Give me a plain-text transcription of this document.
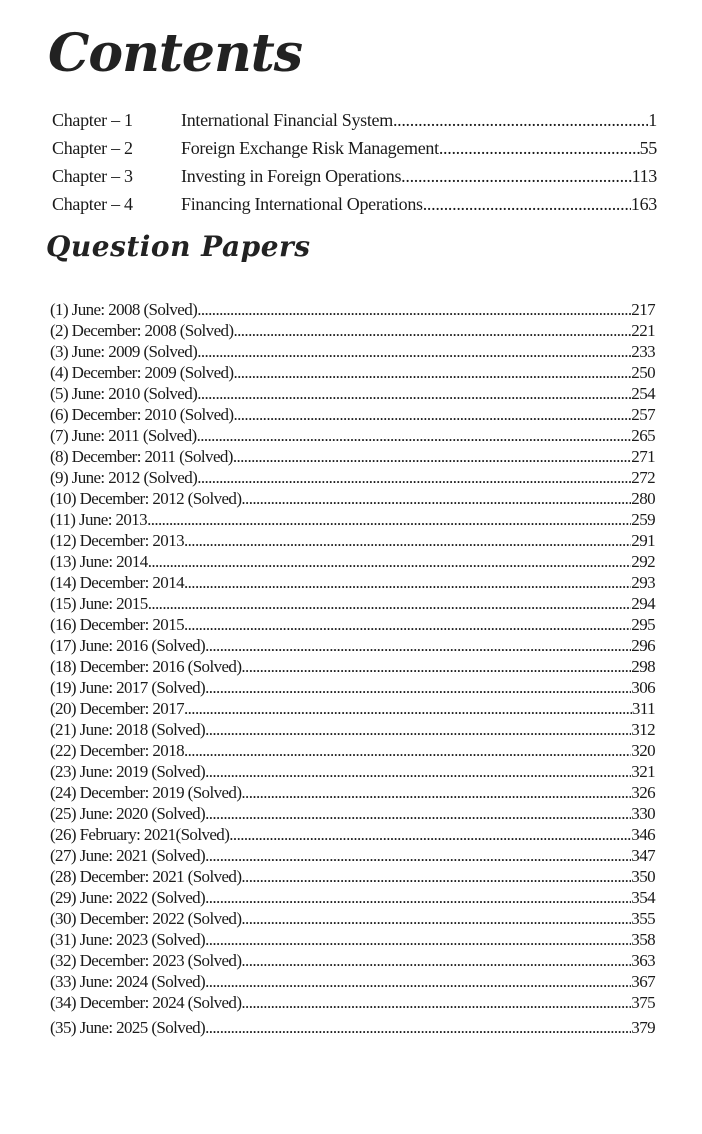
Contents
Chapter – 1	International Financial System .....	1
Chapter – 2	Foreign Exchange Risk Management .....	55
Chapter – 3	Investing in Foreign Operations .....	113
Chapter – 4	Financing International Operations .....	163
Question Papers
(1) June: 2008 (Solved) .....	217
(2) December: 2008 (Solved) .....	221
(3) June: 2009 (Solved) .....	233
(4) December: 2009 (Solved) .....	250
(5) June: 2010 (Solved) .....	254
(6) December: 2010 (Solved) .....	257
(7) June: 2011 (Solved) .....	265
(8) December: 2011 (Solved) .....	271
(9) June: 2012 (Solved) .....	272
(10) December: 2012 (Solved) .....	280
(11) June: 2013 .....	259
(12) December: 2013 .....	291
(13) June: 2014 .....	292
(14) December: 2014 .....	293
(15) June: 2015 .....	294
(16) December: 2015 .....	295
(17) June: 2016 (Solved) .....	296
(18) December: 2016 (Solved) .....	298
(19) June: 2017 (Solved) .....	306
(20) December: 2017 .....	311
(21) June: 2018 (Solved) .....	312
(22) December: 2018 .....	320
(23) June: 2019 (Solved) .....	321
(24) December: 2019 (Solved) .....	326
(25) June: 2020 (Solved) .....	330
(26) February: 2021(Solved) .....	346
(27) June: 2021 (Solved) .....	347
(28) December: 2021 (Solved) .....	350
(29) June: 2022 (Solved) .....	354
(30) December: 2022 (Solved) .....	355
(31) June: 2023 (Solved) .....	358
(32) December: 2023 (Solved) .....	363
(33) June: 2024 (Solved) .....	367
(34) December: 2024 (Solved) .....	375
(35) June: 2025 (Solved) .....	379
